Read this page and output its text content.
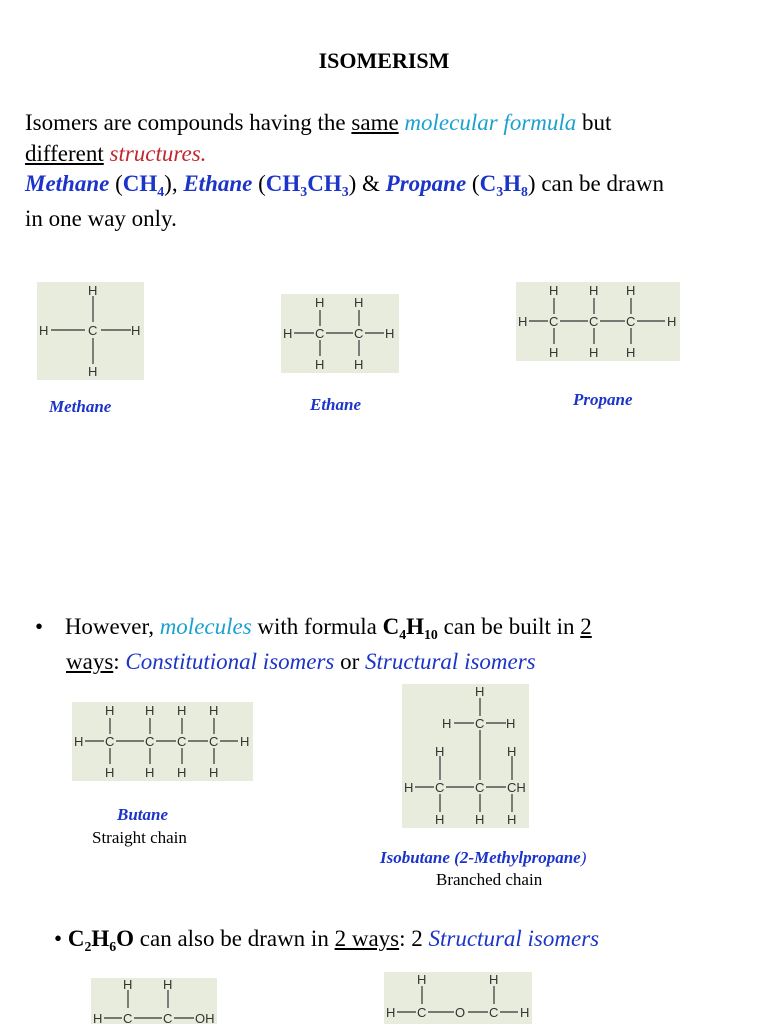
ISOMERISM
Isomers are compounds having the same molecular formula but
different structures.
Methane $(CH_4)$, Ethane $(CH_3CH_3)$ & Propane $(C_3H_8)$ can be drawn
in one way only.
H
C
H	H
H
Methane
H H
H C C H
H H
Ethane
H H H
H C C C H
H H H
Propane
• However, molecules with formula $C_4H_{10}$ can be built in 2
ways: Constitutional isomers or Structural isomers
H H H H
H C C C C H
H H H H
Butane
Straight chain
H
H C H
H	H
H C C CH
H H H
Isobutane (2-Methylpropane)
Branched chain
• $C_2H_6O$ can also be drawn in 2 ways: 2 Structural isomers
H H
H C C OH
H	H
H C O C H
